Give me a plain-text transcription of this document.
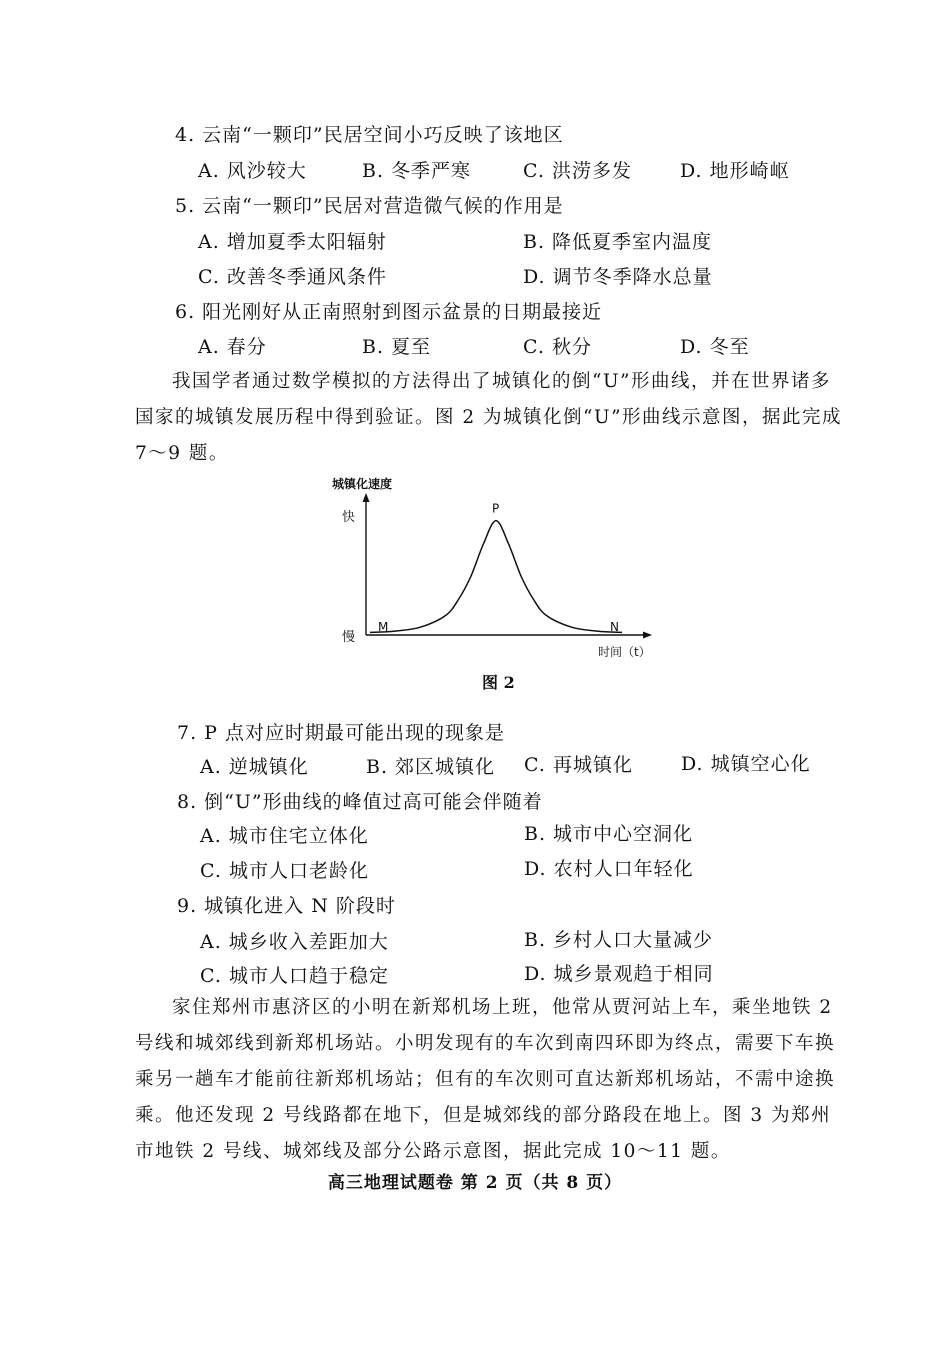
4. 云南“一颗印”民居空间小巧反映了该地区
A. 风沙较大	B. 冬季严寒	C. 洪涝多发	D. 地形崎岖
5. 云南“一颗印”民居对营造微气候的作用是
A. 增加夏季太阳辐射	B. 降低夏季室内温度
C. 改善冬季通风条件	D. 调节冬季降水总量
6. 阳光刚好从正南照射到图示盆景的日期最接近
A. 春分	B. 夏至	C. 秋分	D. 冬至
我国学者通过数学模拟的方法得出了城镇化的倒“U”形曲线，并在世界诸多国家的城镇发展历程中得到验证。图 2 为城镇化倒“U”形曲线示意图，据此完成 7～9 题。
城镇化速度
快
慢
时间（t）
M
P
N
图 2
7. P 点对应时期最可能出现的现象是
A. 逆城镇化	B. 郊区城镇化 C. 再城镇化	D. 城镇空心化
8. 倒“U”形曲线的峰值过高可能会伴随着
A. 城市住宅立体化	B. 城市中心空洞化
C. 城市人口老龄化	D. 农村人口年轻化
9. 城镇化进入 N 阶段时
A. 城乡收入差距加大	B. 乡村人口大量减少
C. 城市人口趋于稳定	D. 城乡景观趋于相同
家住郑州市惠济区的小明在新郑机场上班，他常从贾河站上车，乘坐地铁 2 号线和城郊线到新郑机场站。小明发现有的车次到南四环即为终点，需要下车换乘另一趟车才能前往新郑机场站；但有的车次则可直达新郑机场站，不需中途换乘。他还发现 2 号线路都在地下，但是城郊线的部分路段在地上。图 3 为郑州市地铁 2 号线、城郊线及部分公路示意图，据此完成 10～11 题。
高三地理试题卷 第 2 页（共 8 页）
